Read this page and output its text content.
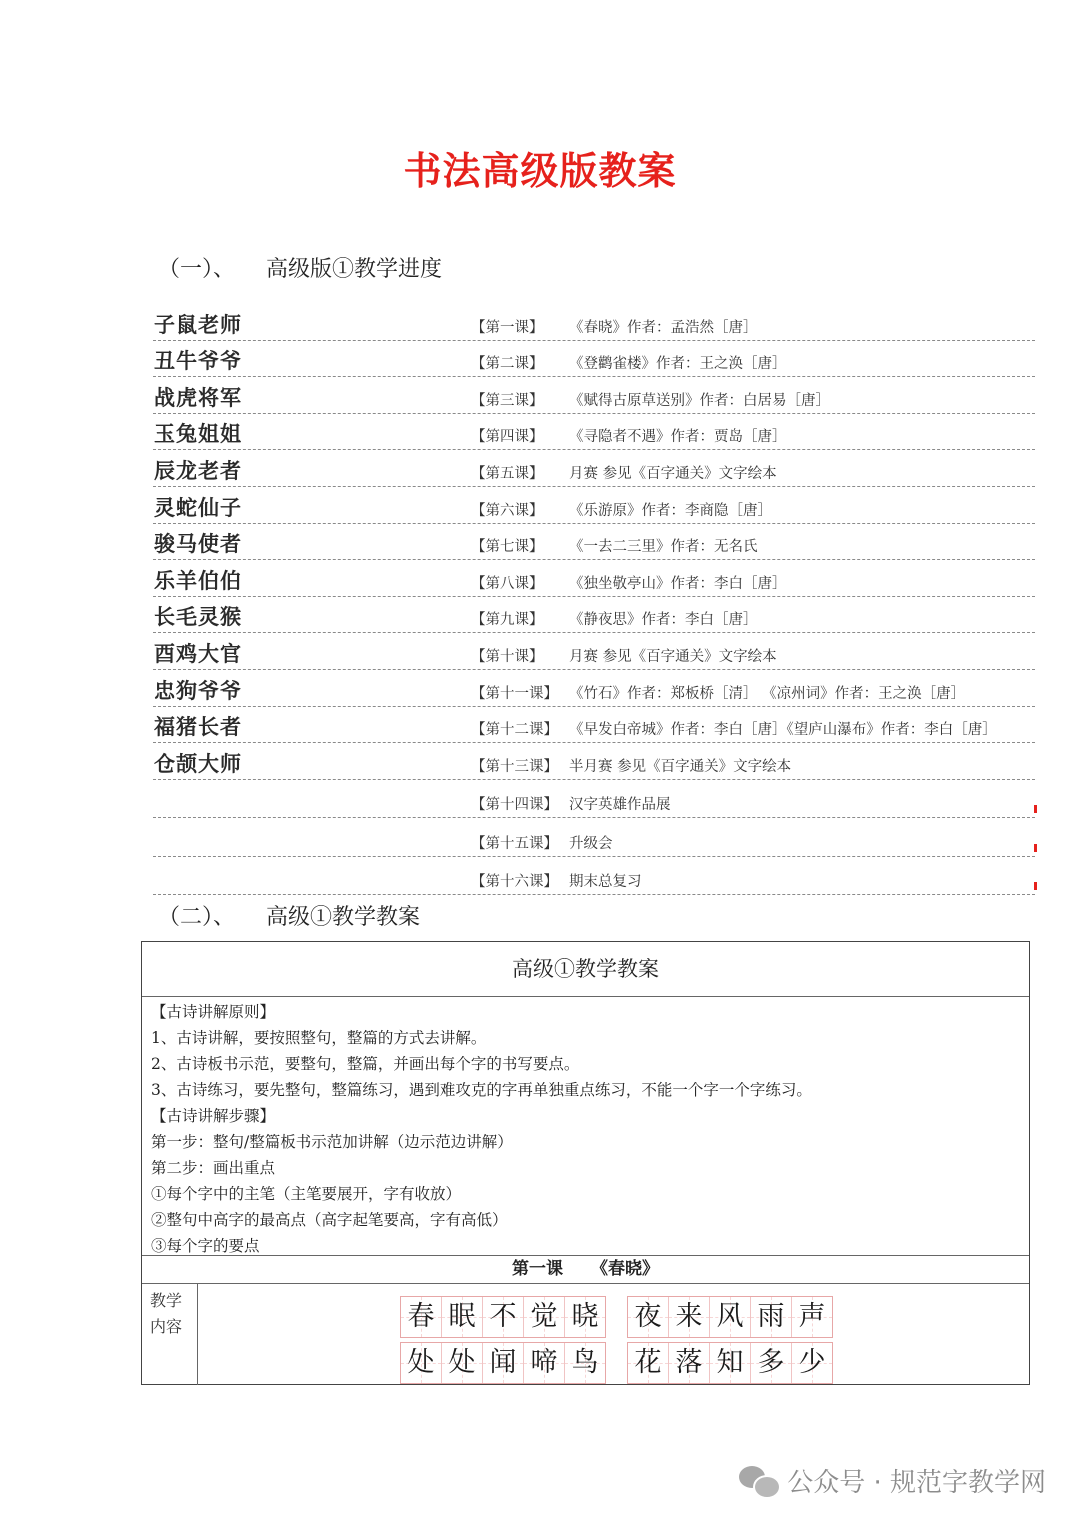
书法高级版教案
（一）、 高级版①教学进度
子鼠老师	【第一课】 《春晓》作者：孟浩然［唐］
丑牛爷爷	【第二课】 《登鹳雀楼》作者：王之涣［唐］
战虎将军	【第三课】 《赋得古原草送别》作者：白居易［唐］
玉兔姐姐	【第四课】 《寻隐者不遇》作者：贾岛［唐］
辰龙老者	【第五课】 月赛 参见《百字通关》文字绘本
灵蛇仙子	【第六课】 《乐游原》作者：李商隐［唐］
骏马使者	【第七课】 《一去二三里》作者：无名氏
乐羊伯伯	【第八课】 《独坐敬亭山》作者：李白［唐］
长毛灵猴	【第九课】 《静夜思》作者：李白［唐］
酉鸡大官	【第十课】 月赛 参见《百字通关》文字绘本
忠狗爷爷	【第十一课】 《竹石》作者：郑板桥［清］ 《凉州词》作者：王之涣［唐］
福猪长者	【第十二课】 《早发白帝城》作者：李白［唐］《望庐山瀑布》作者：李白［唐］
仓颉大师	【第十三课】 半月赛 参见《百字通关》文字绘本
【第十四课】 汉字英雄作品展
【第十五课】 升级会
【第十六课】 期末总复习
（二）、 高级①教学教案
高级①教学教案
【古诗讲解原则】
1、古诗讲解，要按照整句，整篇的方式去讲解。
2、古诗板书示范，要整句，整篇，并画出每个字的书写要点。
3、古诗练习，要先整句，整篇练习，遇到难攻克的字再单独重点练习，不能一个字一个字练习。
【古诗讲解步骤】
第一步：整句/整篇板书示范加讲解（边示范边讲解）
第二步：画出重点
①每个字中的主笔（主笔要展开，字有收放）
②整句中高字的最高点（高字起笔要高，字有高低）
③每个字的要点
第一课 《春晓》
教学内容	春 眠 不 觉 晓 夜 来 风 雨 声
处 处 闻 啼 鸟 花 落 知 多 少
公众号 · 规范字教学网
